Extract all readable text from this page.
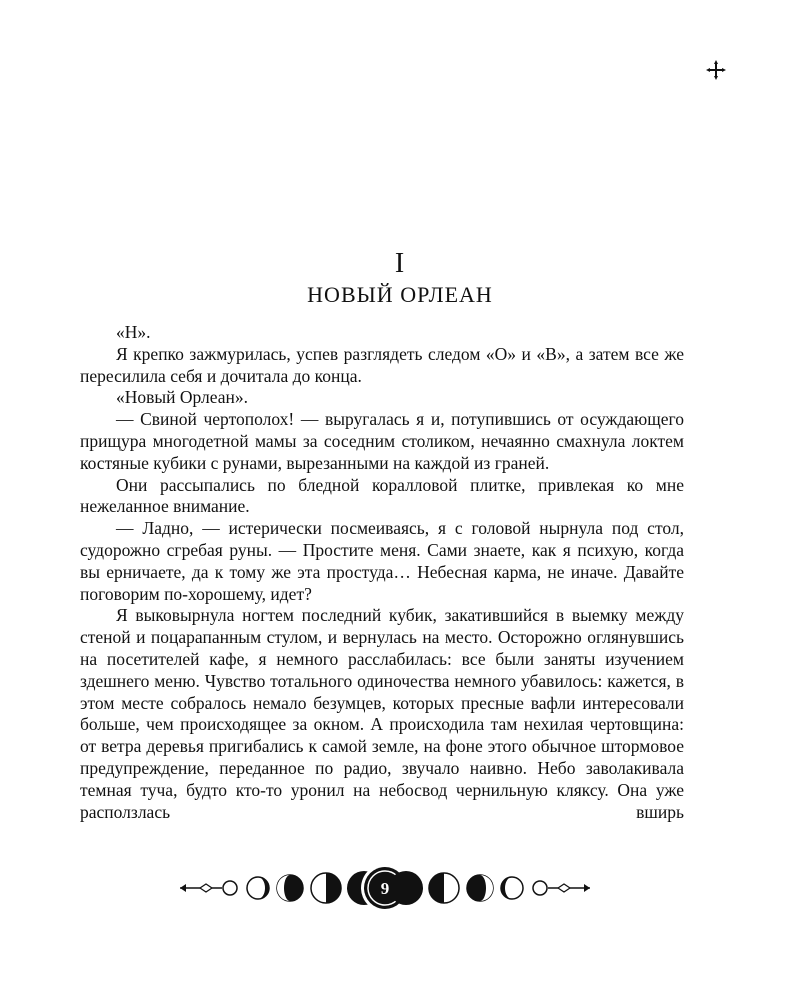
I
НОВЫЙ ОРЛЕАН

«Н».

Я крепко зажмурилась, успев разглядеть следом «О» и «В», а затем все же пересилила себя и дочитала до конца.

«Новый Орлеан».

— Свиной чертополох! — выругалась я и, потупившись от осуждающего прищура многодетной мамы за соседним столиком, нечаянно смахнула локтем костяные кубики с рунами, вырезанными на каждой из граней.

Они рассыпались по бледной коралловой плитке, привлекая ко мне нежеланное внимание.

— Ладно, — истерически посмеиваясь, я с головой нырнула под стол, судорожно сгребая руны. — Простите меня. Сами знаете, как я психую, когда вы ерничаете, да к тому же эта простуда… Небесная карма, не иначе. Давайте поговорим по-хорошему, идет?

Я выковырнула ногтем последний кубик, закатившийся в выемку между стеной и поцарапанным стулом, и вернулась на место. Осторожно оглянувшись на посетителей кафе, я немного расслабилась: все были заняты изучением здешнего меню. Чувство тотального одиночества немного убавилось: кажется, в этом месте собралось немало безумцев, которых пресные вафли интересовали больше, чем происходящее за окном. А происходила там нехилая чертовщина: от ветра деревья пригибались к самой земле, на фоне этого обычное штормовое предупреждение, переданное по радио, звучало наивно. Небо заволакивала темная туча, будто кто-то уронил на небосвод чернильную кляксу. Она уже расползлась вширь

9
